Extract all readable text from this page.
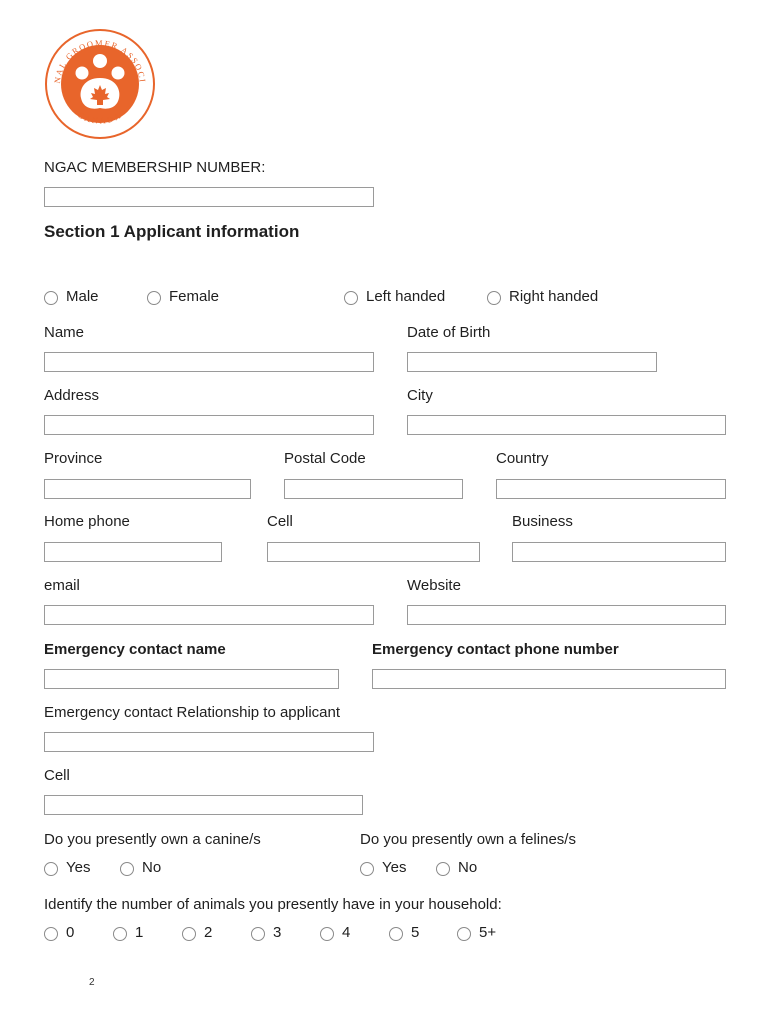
NAL GROOMER ASSOCI
CANADA
NGAC MEMBERSHIP NUMBER:
Section 1 Applicant information
Male	Female	Left handed	Right handed
Name	Date of Birth
Address	City
Province	Postal Code	Country
Home phone	Cell	Business
email	Website
Emergency contact name	Emergency contact phone number
Emergency contact Relationship to applicant
Cell
Do you presently own a canine/s	Do you presently own a felines/s
Yes	No	Yes	No
Identify the number of animals you presently have in your household:
0	1	2	3	4	5	5+
2
